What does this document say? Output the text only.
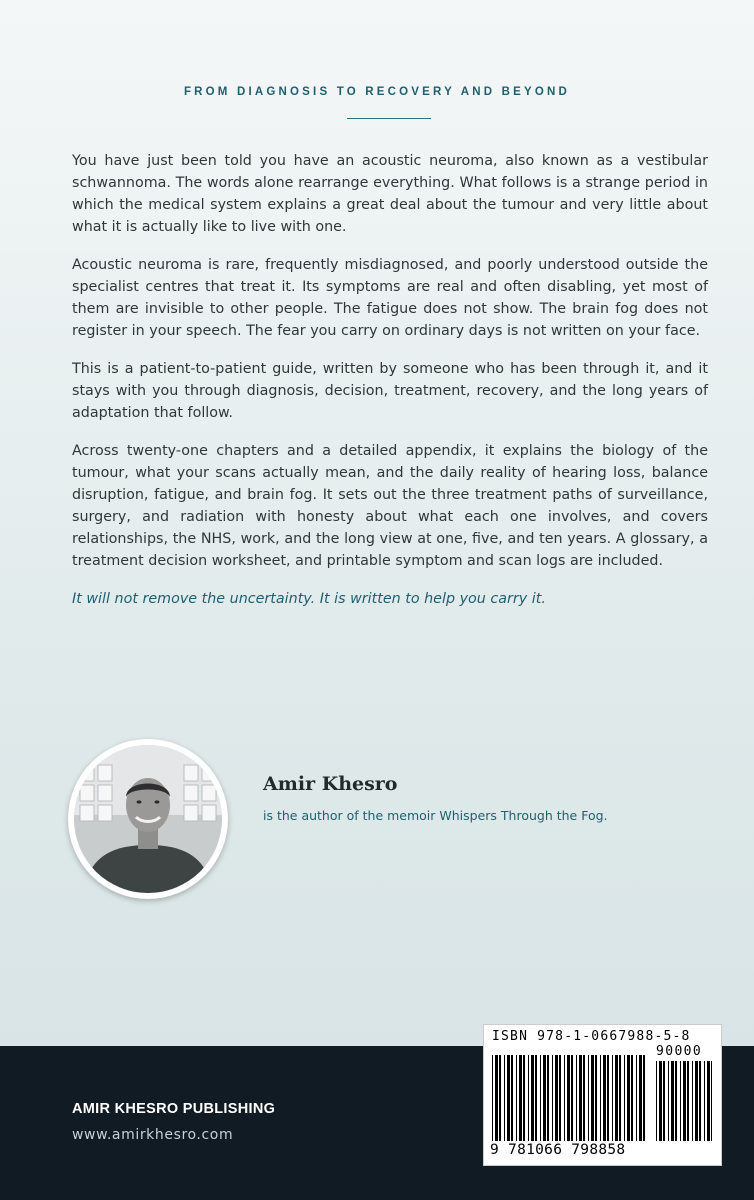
FROM DIAGNOSIS TO RECOVERY AND BEYOND

You have just been told you have an acoustic neuroma, also known as a vestibular schwannoma. The words alone rearrange everything. What follows is a strange period in which the medical system explains a great deal about the tumour and very little about what it is actually like to live with one.

Acoustic neuroma is rare, frequently misdiagnosed, and poorly understood outside the specialist centres that treat it. Its symptoms are real and often disabling, yet most of them are invisible to other people. The fatigue does not show. The brain fog does not register in your speech. The fear you carry on ordinary days is not written on your face.

This is a patient-to-patient guide, written by someone who has been through it, and it stays with you through diagnosis, decision, treatment, recovery, and the long years of adaptation that follow.

Across twenty-one chapters and a detailed appendix, it explains the biology of the tumour, what your scans actually mean, and the daily reality of hearing loss, balance disruption, fatigue, and brain fog. It sets out the three treatment paths of surveillance, surgery, and radiation with honesty about what each one involves, and covers relationships, the NHS, work, and the long view at one, five, and ten years. A glossary, a treatment decision worksheet, and printable symptom and scan logs are included.

It will not remove the uncertainty. It is written to help you carry it.

Amir Khesro
is the author of the memoir Whispers Through the Fog.
AMIR KHESRO PUBLISHING
www.amirkhesro.com
ISBN 978-1-0667988-5-8
90000
9 781066 798858
